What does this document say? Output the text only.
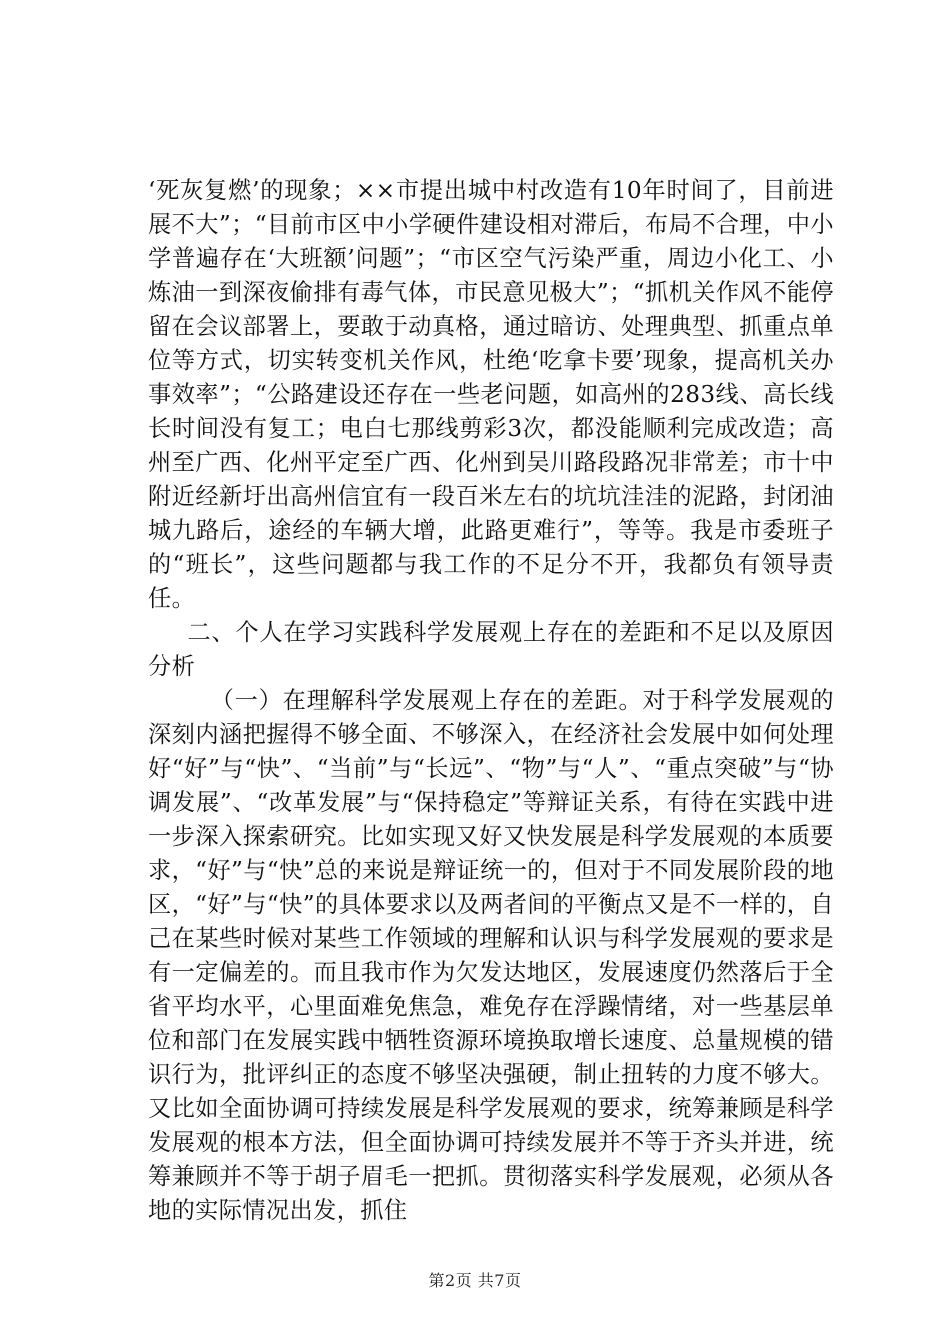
‘死灰复燃’的现象；××市提出城中村改造有10年时间了，目前进展不大”；“目前市区中小学硬件建设相对滞后，布局不合理，中小学普遍存在‘大班额’问题”；“市区空气污染严重，周边小化工、小炼油一到深夜偷排有毒气体，市民意见极大”；“抓机关作风不能停留在会议部署上，要敢于动真格，通过暗访、处理典型、抓重点单位等方式，切实转变机关作风，杜绝‘吃拿卡要’现象，提高机关办事效率”；“公路建设还存在一些老问题，如高州的283线、高长线长时间没有复工；电白七那线剪彩3次，都没能顺利完成改造；高州至广西、化州平定至广西、化州到吴川路段路况非常差；市十中附近经新圩出高州信宜有一段百米左右的坑坑洼洼的泥路，封闭油城九路后，途经的车辆大增，此路更难行”，等等。我是市委班子的“班长”，这些问题都与我工作的不足分不开，我都负有领导责任。

二、个人在学习实践科学发展观上存在的差距和不足以及原因分析

（一）在理解科学发展观上存在的差距。对于科学发展观的深刻内涵把握得不够全面、不够深入，在经济社会发展中如何处理好“好”与“快”、“当前”与“长远”、“物”与“人”、“重点突破”与“协调发展”、“改革发展”与“保持稳定”等辩证关系，有待在实践中进一步深入探索研究。比如实现又好又快发展是科学发展观的本质要求，“好”与“快”总的来说是辩证统一的，但对于不同发展阶段的地区，“好”与“快”的具体要求以及两者间的平衡点又是不一样的，自己在某些时候对某些工作领域的理解和认识与科学发展观的要求是有一定偏差的。而且我市作为欠发达地区，发展速度仍然落后于全省平均水平，心里面难免焦急，难免存在浮躁情绪，对一些基层单位和部门在发展实践中牺牲资源环境换取增长速度、总量规模的错识行为，批评纠正的态度不够坚决强硬，制止扭转的力度不够大。又比如全面协调可持续发展是科学发展观的要求，统筹兼顾是科学发展观的根本方法，但全面协调可持续发展并不等于齐头并进，统筹兼顾并不等于胡子眉毛一把抓。贯彻落实科学发展观，必须从各地的实际情况出发，抓住

第2页 共7页
